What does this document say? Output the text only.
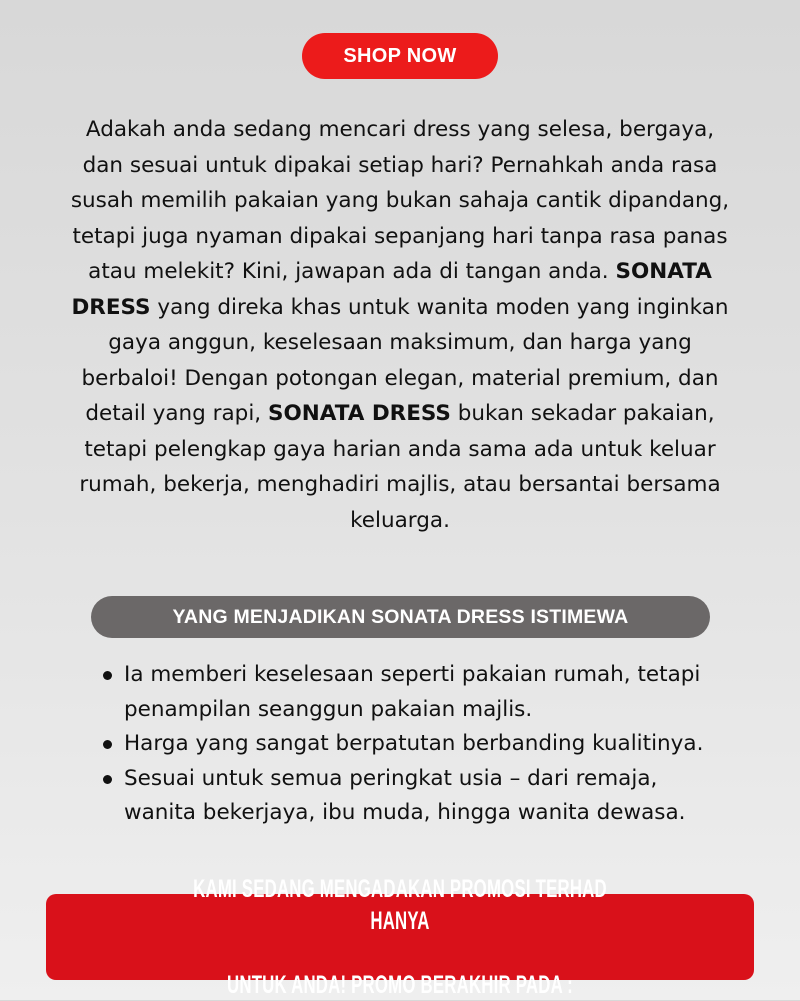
SHOP NOW

Adakah anda sedang mencari dress yang selesa, bergaya, dan sesuai untuk dipakai setiap hari? Pernahkah anda rasa susah memilih pakaian yang bukan sahaja cantik dipandang, tetapi juga nyaman dipakai sepanjang hari tanpa rasa panas atau melekit? Kini, jawapan ada di tangan anda. SONATA DRESS yang direka khas untuk wanita moden yang inginkan gaya anggun, keselesaan maksimum, dan harga yang berbaloi! Dengan potongan elegan, material premium, dan detail yang rapi, SONATA DRESS bukan sekadar pakaian, tetapi pelengkap gaya harian anda sama ada untuk keluar rumah, bekerja, menghadiri majlis, atau bersantai bersama keluarga.

YANG MENJADIKAN SONATA DRESS ISTIMEWA
Ia memberi keselesaan seperti pakaian rumah, tetapi penampilan seanggun pakaian majlis.
Harga yang sangat berpatutan berbanding kualitinya.
Sesuai untuk semua peringkat usia – dari remaja, wanita bekerjaya, ibu muda, hingga wanita dewasa.
KAMI SEDANG MENGADAKAN PROMOSI TERHAD HANYA

UNTUK ANDA! PROMO BERAKHIR PADA :
